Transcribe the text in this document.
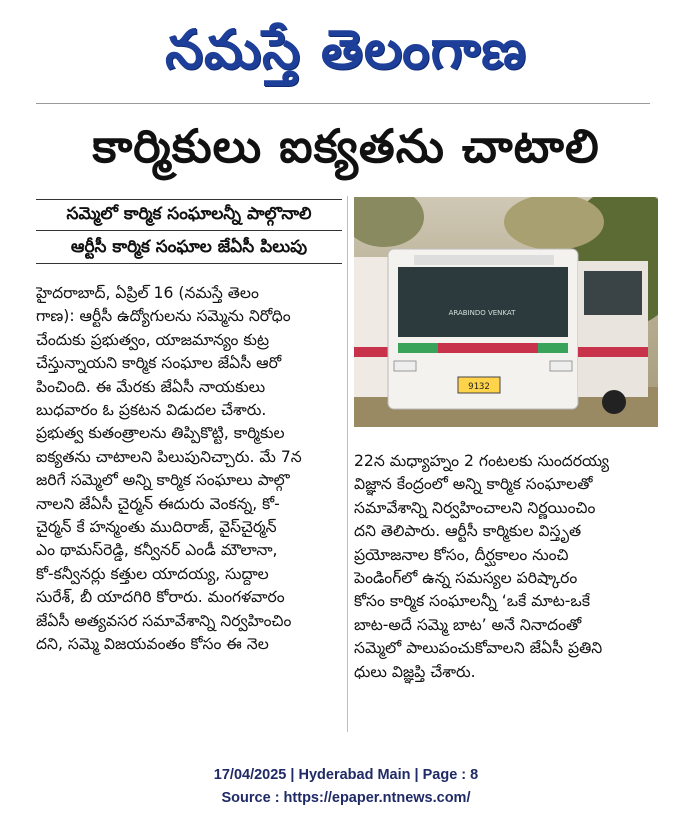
నమస్తే తెలంగాణ
కార్మికులు ఐక్యతను చాటాలి
సమ్మెలో కార్మిక సంఘాలన్నీ పాల్గొనాలి
ఆర్టీసీ కార్మిక సంఘాల జేఏసీ పిలుపు

హైదరాబాద్, ఏప్రిల్ 16 (నమస్తే తెలం
గాణ): ఆర్టీసీ ఉద్యోగులను సమ్మెను నిరోధిం
చేందుకు ప్రభుత్వం, యాజమాన్యం కుట్ర
చేస్తున్నాయని కార్మిక సంఘాల జేఏసీ ఆరో
పించింది. ఈ మేరకు జేఏసీ నాయకులు
బుధవారం ఓ ప్రకటన విడుదల చేశారు.
ప్రభుత్వ కుతంత్రాలను తిప్పికొట్టి, కార్మికుల
ఐక్యతను చాటాలని పిలుపునిచ్చారు. మే 7న
జరిగే సమ్మెలో అన్ని కార్మిక సంఘాలు పాల్గొ
నాలని జేఏసీ చైర్మన్ ఈదురు వెంకన్న, కో-
చైర్మన్ కే హన్మంతు ముదిరాజ్, వైస్‌చైర్మన్
ఎం థామస్‌రెడ్డి, కన్వీనర్ ఎండీ మౌలానా,
కో-కన్వీనర్లు కత్తుల యాదయ్య, సుద్దాల
సురేశ్, బీ యాదగిరి కోరారు. మంగళవారం
జేఏసీ అత్యవసర సమావేశాన్ని నిర్వహించిం
దని, సమ్మె విజయవంతం కోసం ఈ నెల

ARABINDO VENKAT
9132

22న మధ్యాహ్నం 2 గంటలకు సుందరయ్య
విజ్ఞాన కేంద్రంలో అన్ని కార్మిక సంఘాలతో
సమావేశాన్ని నిర్వహించాలని నిర్ణయించిం
దని తెలిపారు. ఆర్టీసీ కార్మికుల విస్తృత
ప్రయోజనాల కోసం, దీర్ఘకాలం నుంచి
పెండింగ్‌లో ఉన్న సమస్యల పరిష్కారం
కోసం కార్మిక సంఘాలన్నీ ‘ఒకే మాట-ఒకే
బాట-అదే సమ్మె బాట’ అనే నినాదంతో
సమ్మెలో పాలుపంచుకోవాలని జేఏసీ ప్రతిని
ధులు విజ్ఞప్తి చేశారు.

17/04/2025 | Hyderabad Main | Page : 8
Source : https://epaper.ntnews.com/
